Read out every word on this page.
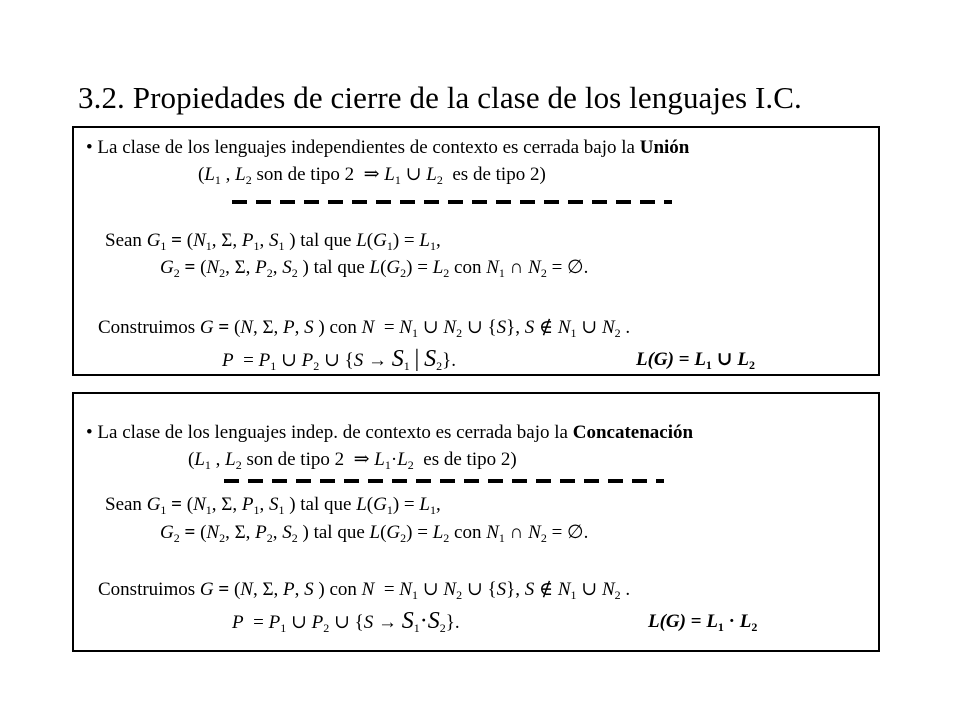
3.2. Propiedades de cierre de la clase de los lenguajes I.C.
• La clase de los lenguajes independientes de contexto es cerrada bajo la Unión
($L_1$ , $L_2$ son de tipo 2 ⇒ $L_1$ ∪ $L_2$ es de tipo 2)
Sean $G_1 = (N_1$, Σ, $P_1$, $S_1$ ) tal que $L(G_1) = L_1$,
$G_2 = (N_2$, Σ, $P_2$, $S_2$ ) tal que $L(G_2) = L_2$ con $N_1$ ∩ $N_2$ = ∅.
Construimos G = (N, Σ, P, S ) con $N = N_1$ ∪ $N_2$ ∪ {S}, S ∉ $N_1$ ∪ $N_2$ .
$P = P_1$ ∪ $P_2$ ∪ {$S \to S_1$ | $S_2$}.	$L(G) = L_1$ ∪ $L_2$
• La clase de los lenguajes indep. de contexto es cerrada bajo la Concatenación
($L_1$ , $L_2$ son de tipo 2 ⇒ $L_1\cdot L_2$ es de tipo 2)
Sean $G_1 = (N_1$, Σ, $P_1$, $S_1$ ) tal que $L(G_1) = L_1$,
$G_2 = (N_2$, Σ, $P_2$, $S_2$ ) tal que $L(G_2) = L_2$ con $N_1$ ∩ $N_2$ = ∅.
Construimos G = (N, Σ, P, S ) con $N = N_1$ ∪ $N_2$ ∪ {S}, S ∉ $N_1$ ∪ $N_2$ .
$P = P_1$ ∪ $P_2$ ∪ $\{S \to S_1\cdot S_2\}$.	$L(G) = L_1 \cdot L_2$
